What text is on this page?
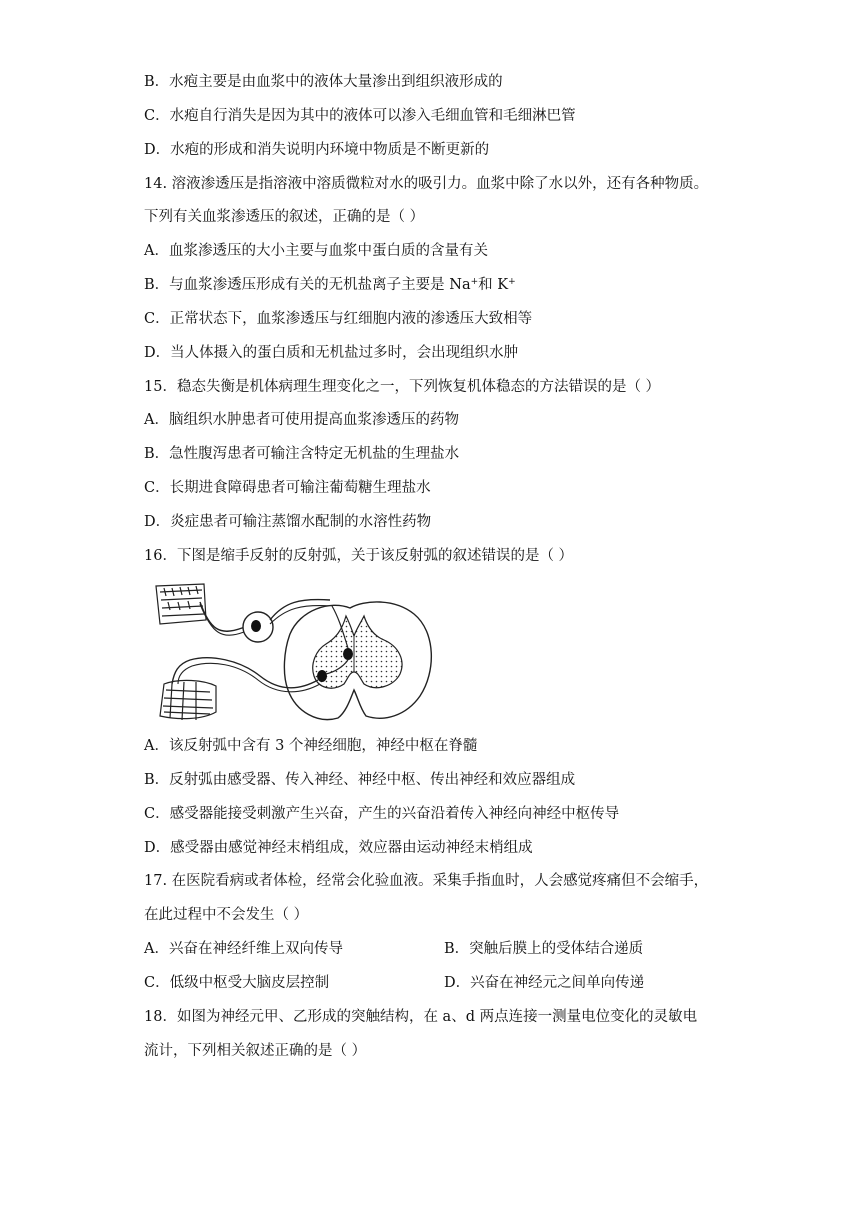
B．水疱主要是由血浆中的液体大量渗出到组织液形成的
C．水疱自行消失是因为其中的液体可以渗入毛细血管和毛细淋巴管
D．水疱的形成和消失说明内环境中物质是不断更新的
14. 溶液渗透压是指溶液中溶质微粒对水的吸引力。血浆中除了水以外，还有各种物质。
下列有关血浆渗透压的叙述，正确的是（ ）
A．血浆渗透压的大小主要与血浆中蛋白质的含量有关
B．与血浆渗透压形成有关的无机盐离子主要是 Na+和 K+
C．正常状态下，血浆渗透压与红细胞内液的渗透压大致相等
D．当人体摄入的蛋白质和无机盐过多时，会出现组织水肿
15．稳态失衡是机体病理生理变化之一，下列恢复机体稳态的方法错误的是（ ）
A．脑组织水肿患者可使用提高血浆渗透压的药物
B．急性腹泻患者可输注含特定无机盐的生理盐水
C．长期进食障碍患者可输注葡萄糖生理盐水
D．炎症患者可输注蒸馏水配制的水溶性药物
16．下图是缩手反射的反射弧，关于该反射弧的叙述错误的是（ ）
A．该反射弧中含有 3 个神经细胞，神经中枢在脊髓
B．反射弧由感受器、传入神经、神经中枢、传出神经和效应器组成
C．感受器能接受刺激产生兴奋，产生的兴奋沿着传入神经向神经中枢传导
D．感受器由感觉神经末梢组成，效应器由运动神经末梢组成
17. 在医院看病或者体检，经常会化验血液。采集手指血时，人会感觉疼痛但不会缩手，
在此过程中不会发生（ ）
A．兴奋在神经纤维上双向传导	B．突触后膜上的受体结合递质
C．低级中枢受大脑皮层控制	D．兴奋在神经元之间单向传递
18．如图为神经元甲、乙形成的突触结构，在 a、d 两点连接一测量电位变化的灵敏电
流计，下列相关叙述正确的是（ ）
